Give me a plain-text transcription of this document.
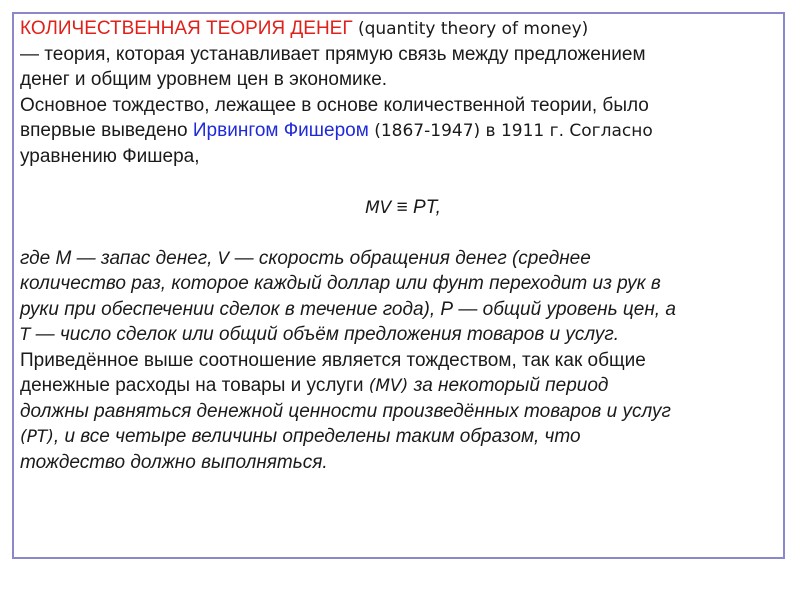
КОЛИЧЕСТВЕННАЯ ТЕОРИЯ ДЕНЕГ (quantity theory of money)
— теория, которая устанавливает прямую связь между предложением
денег и общим уровнем цен в экономике.
Основное тождество, лежащее в основе количественной теории, было
впервые выведено Ирвингом Фишером (1867-1947) в 1911 г. Согласно
уравнению Фишера,
MV ≡ PT,
где M — запас денег, V — скорость обращения денег (среднее
количество раз, которое каждый доллар или фунт переходит из рук в
руки при обеспечении сделок в течение года), Р — общий уровень цен, а
T — число сделок или общий объём предложения товаров и услуг.
Приведённое выше соотношение является тождеством, так как общие
денежные расходы на товары и услуги (MV) за некоторый период
должны равняться денежной ценности произведённых товаров и услуг
(PT), и все четыре величины определены таким образом, что
тождество должно выполняться.
